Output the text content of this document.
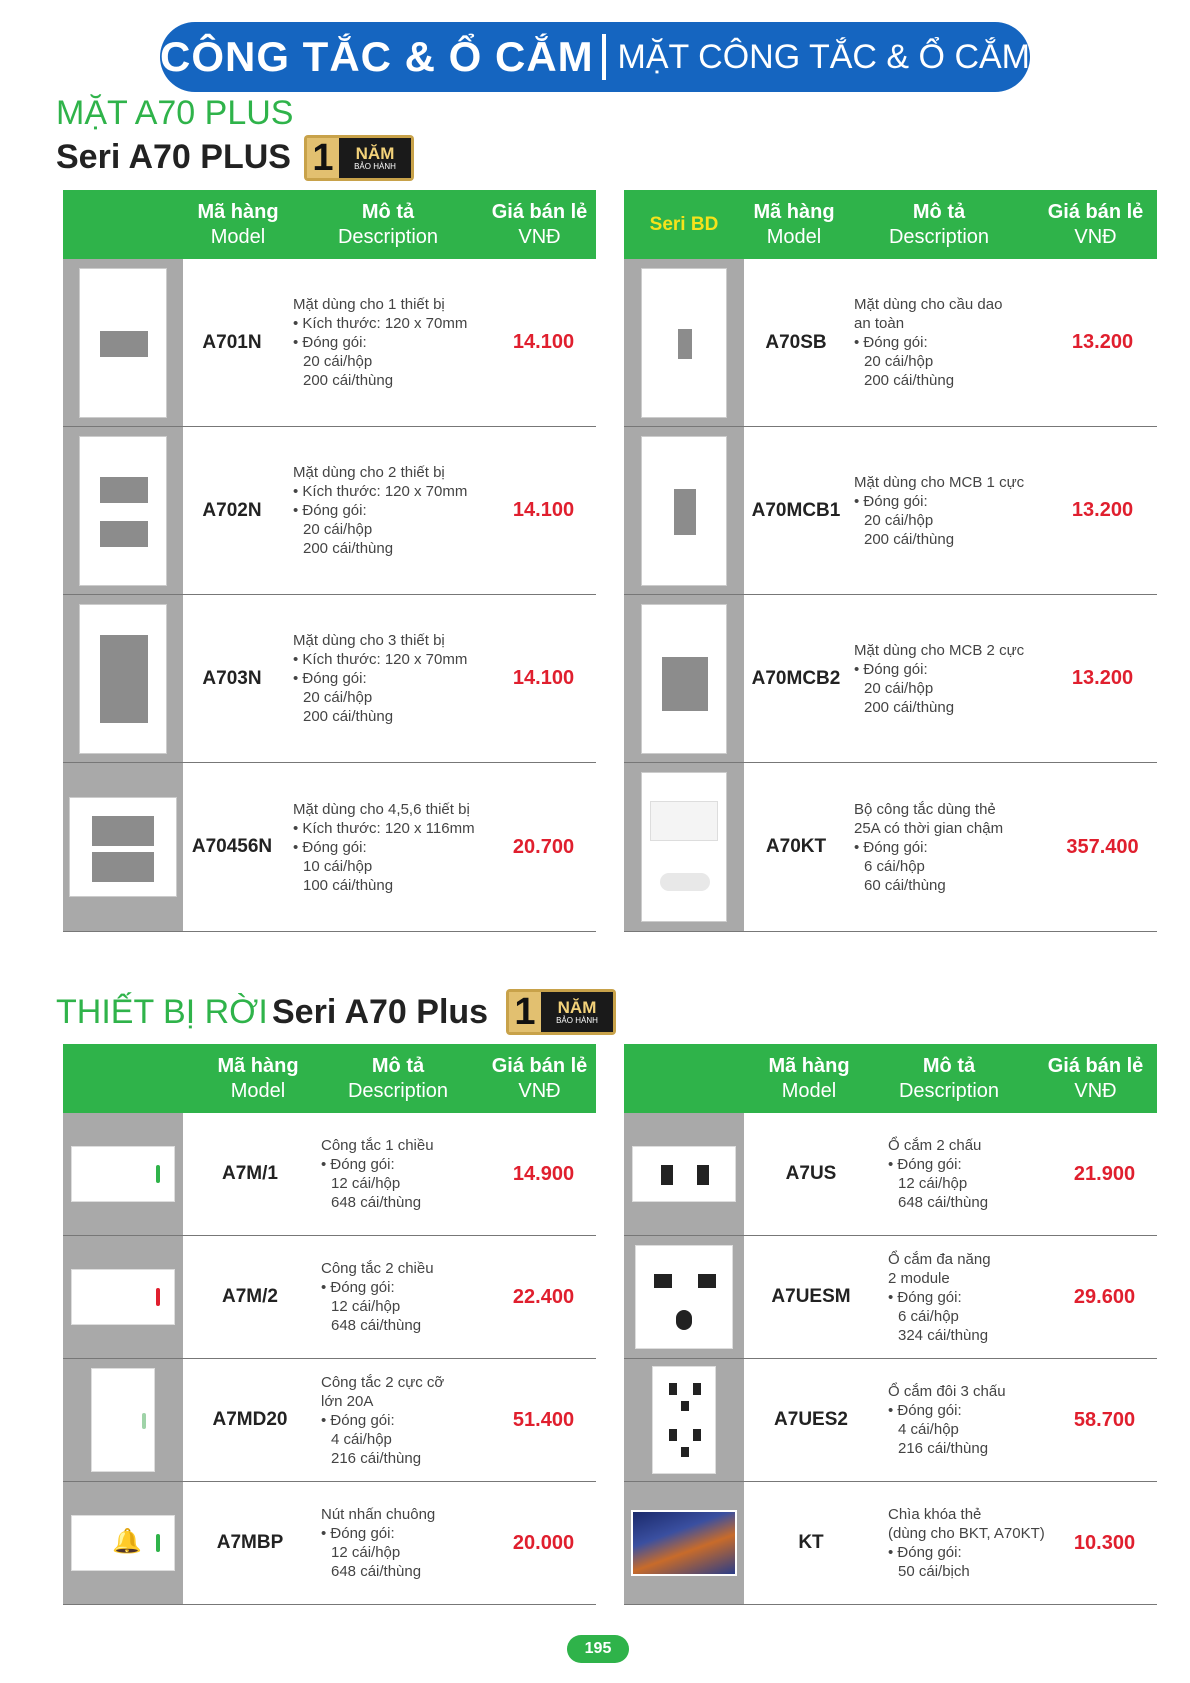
CÔNG TẮC & Ổ CẮM MẶT CÔNG TẮC & Ổ CẮM
MẶT A70 PLUS
Seri A70 PLUS 1	NĂM
BẢO HÀNH
Mã hàng
Model
Mô tả
Description
Giá bán lẻ
VNĐ
A701N
Mặt dùng cho 1 thiết bị
• Kích thước: 120 x 70mm
• Đóng gói:
20 cái/hộp
200 cái/thùng
14.100
A702N
Mặt dùng cho 2 thiết bị
• Kích thước: 120 x 70mm
• Đóng gói:
20 cái/hộp
200 cái/thùng
14.100
A703N
Mặt dùng cho 3 thiết bị
• Kích thước: 120 x 70mm
• Đóng gói:
20 cái/hộp
200 cái/thùng
14.100
A70456N
Mặt dùng cho 4,5,6 thiết bị
• Kích thước: 120 x 116mm
• Đóng gói:
10 cái/hộp
100 cái/thùng
20.700
Seri BD
Mã hàng
Model
Mô tả
Description
Giá bán lẻ
VNĐ
A70SB
Mặt dùng cho cầu dao
an toàn
• Đóng gói:
20 cái/hộp
200 cái/thùng
13.200
A70MCB1
Mặt dùng cho MCB 1 cực
• Đóng gói:
20 cái/hộp
200 cái/thùng
13.200
A70MCB2
Mặt dùng cho MCB 2 cực
• Đóng gói:
20 cái/hộp
200 cái/thùng
13.200
A70KT
Bộ công tắc dùng thẻ
25A có thời gian chậm
• Đóng gói:
6 cái/hộp
60 cái/thùng
357.400
THIẾT BỊ RỜI Seri A70 Plus 1	NĂM
BẢO HÀNH
Mã hàng
Model
Mô tả
Description
Giá bán lẻ
VNĐ
A7M/1
Công tắc 1 chiều
• Đóng gói:
12 cái/hộp
648 cái/thùng
14.900
A7M/2
Công tắc 2 chiều
• Đóng gói:
12 cái/hộp
648 cái/thùng
22.400
A7MD20
Công tắc 2 cực cỡ
lớn 20A
• Đóng gói:
4 cái/hộp
216 cái/thùng
51.400
🔔	A7MBP
Nút nhấn chuông
• Đóng gói:
12 cái/hộp
648 cái/thùng
20.000
Mã hàng
Model
Mô tả
Description
Giá bán lẻ
VNĐ
A7US
Ổ cắm 2 chấu
• Đóng gói:
12 cái/hộp
648 cái/thùng
21.900
A7UESM
Ổ cắm đa năng
2 module
• Đóng gói:
6 cái/hộp
324 cái/thùng
29.600
A7UES2
Ổ cắm đôi 3 chấu
• Đóng gói:
4 cái/hộp
216 cái/thùng
58.700
KT
Chìa khóa thẻ
(dùng cho BKT, A70KT)
• Đóng gói:
50 cái/bịch
10.300
195
